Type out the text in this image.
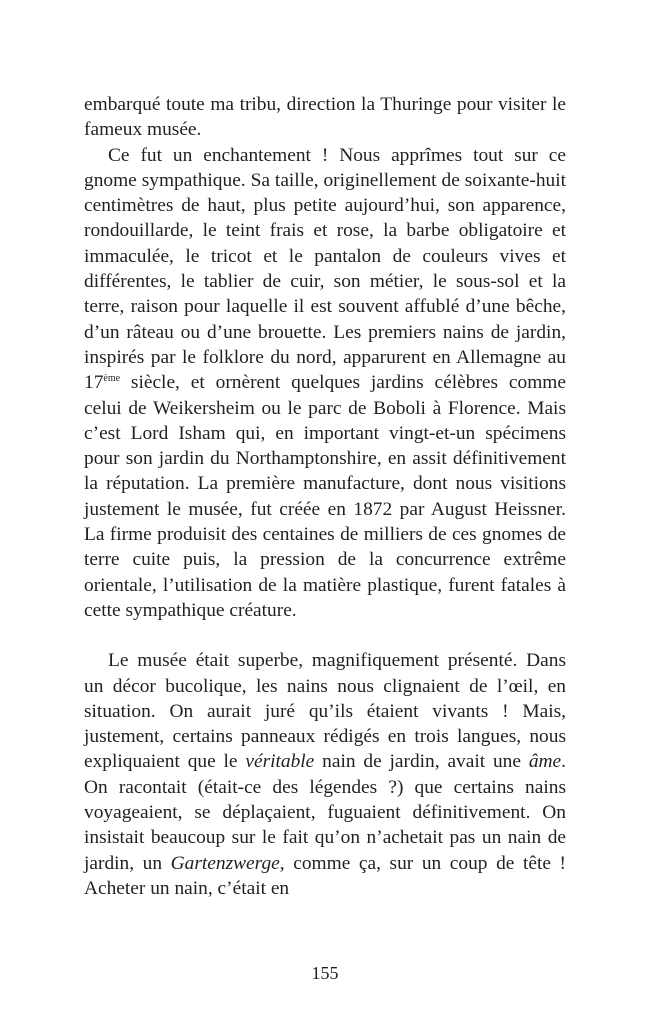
embarqué toute ma tribu, direction la Thuringe pour visiter le fameux musée.

Ce fut un enchantement ! Nous apprîmes tout sur ce gnome sympathique. Sa taille, originellement de soixante-huit centimètres de haut, plus petite aujourd’hui, son apparence, rondouillarde, le teint frais et rose, la barbe obligatoire et immaculée, le tricot et le pantalon de couleurs vives et différentes, le tablier de cuir, son métier, le sous-sol et la terre, raison pour laquelle il est souvent affublé d’une bêche, d’un râteau ou d’une brouette. Les premiers nains de jardin, inspirés par le folklore du nord, apparurent en Allemagne au 17ème siècle, et ornèrent quelques jardins célèbres comme celui de Weikersheim ou le parc de Boboli à Florence. Mais c’est Lord Isham qui, en important vingt-et-un spécimens pour son jardin du Northamptonshire, en assit définitivement la réputation. La première manufacture, dont nous visitions justement le musée, fut créée en 1872 par August Heissner. La firme produisit des centaines de milliers de ces gnomes de terre cuite puis, la pression de la concurrence extrême orientale, l’utilisation de la matière plastique, furent fatales à cette sympathique créature.

Le musée était superbe, magnifiquement présenté. Dans un décor bucolique, les nains nous clignaient de l’œil, en situation. On aurait juré qu’ils étaient vivants ! Mais, justement, certains panneaux rédigés en trois langues, nous expliquaient que le véritable nain de jardin, avait une âme. On racontait (était-ce des légendes ?) que certains nains voyageaient, se déplaçaient, fuguaient définitivement. On insistait beaucoup sur le fait qu’on n’achetait pas un nain de jardin, un Gartenzwerge, comme ça, sur un coup de tête ! Acheter un nain, c’était en

155
